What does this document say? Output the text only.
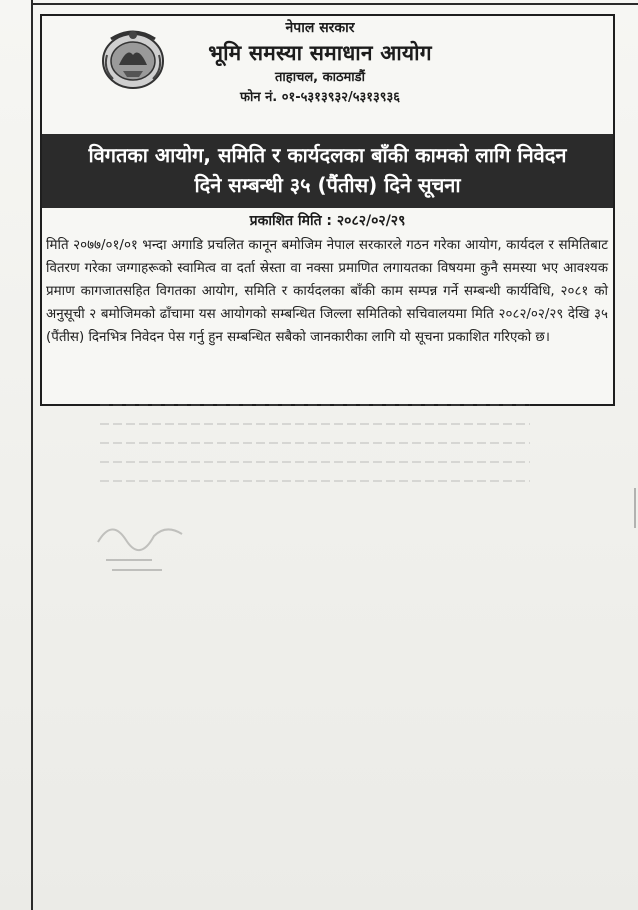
नेपाल सरकार
भूमि समस्या समाधान आयोग
ताहाचल, काठमाडौं
फोन नं. ०१-५३१३९३२/५३१३९३६
विगतका आयोग, समिति र कार्यदलका बाँकी कामको लागि निवेदन
दिने सम्बन्धी ३५ (पैंतीस) दिने सूचना
प्रकाशित मिति : २०८२/०२/२९
मिति २०७७/०१/०१ भन्दा अगाडि प्रचलित कानून बमोजिम नेपाल सरकारले गठन गरेका आयोग, कार्यदल र समितिबाट वितरण गरेका जग्गाहरूको स्वामित्व वा दर्ता स्रेस्ता वा नक्सा प्रमाणित लगायतका विषयमा कुनै समस्या भए आवश्यक प्रमाण कागजातसहित विगतका आयोग, समिति र कार्यदलका बाँकी काम सम्पन्न गर्ने सम्बन्धी कार्यविधि, २०८१ को अनुसूची २ बमोजिमको ढाँचामा यस आयोगको सम्बन्धित जिल्ला समितिको सचिवालयमा मिति २०८२/०२/२९ देखि ३५ (पैंतीस) दिनभित्र निवेदन पेस गर्नु हुन सम्बन्धित सबैको जानकारीका लागि यो सूचना प्रकाशित गरिएको छ।
